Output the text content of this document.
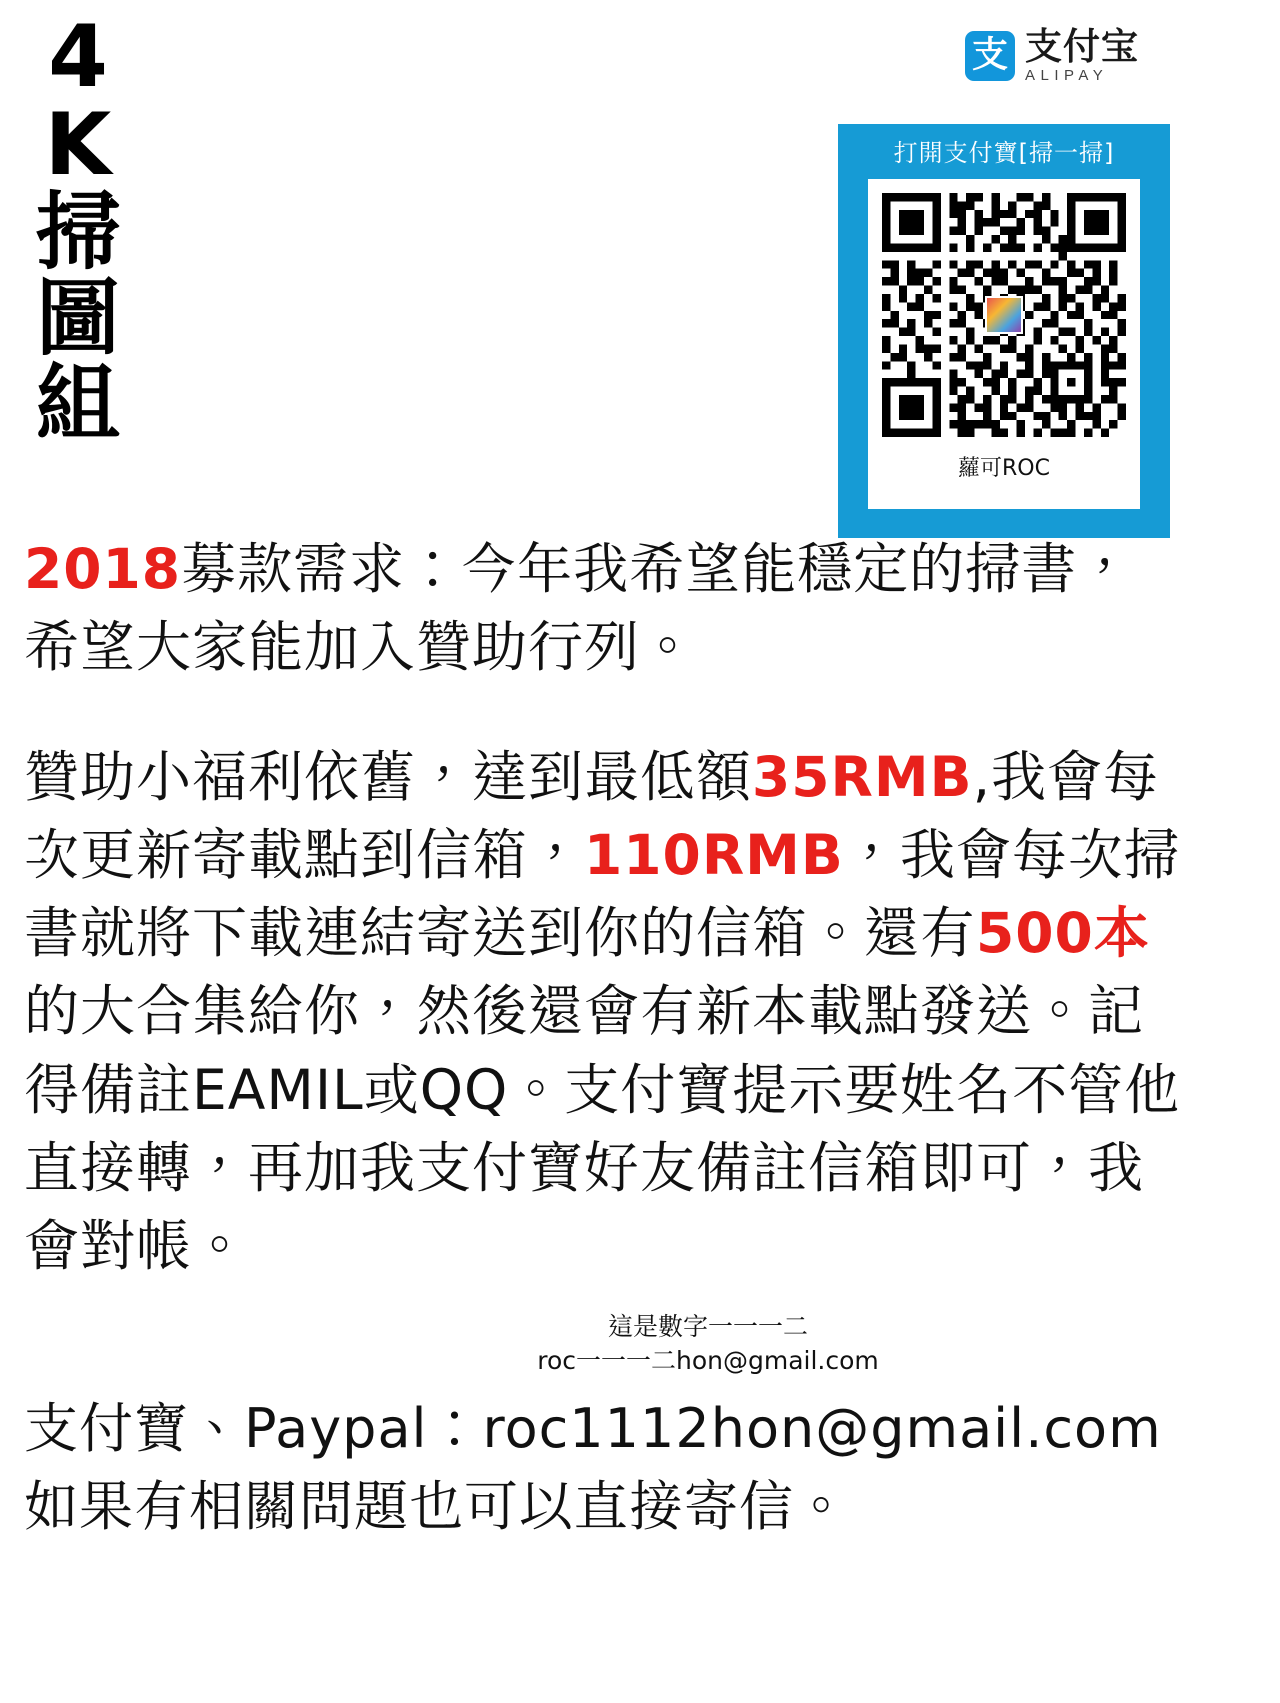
4
K
掃
圖
組
支 支付宝
ALIPAY
打開支付寶[掃一掃]
蘿可ROC

2018募款需求：今年我希望能穩定的掃書，希望大家能加入贊助行列。

贊助小福利依舊，達到最低額35RMB,我會每次更新寄載點到信箱，110RMB，我會每次掃書就將下載連結寄送到你的信箱。還有500本的大合集給你，然後還會有新本載點發送。記得備註EAMIL或QQ。支付寶提示要姓名不管他直接轉，再加我支付寶好友備註信箱即可，我會對帳。

這是數字一一一二
roc一一一二hon@gmail.com
支付寶、Paypal：roc1112hon@gmail.com
如果有相關問題也可以直接寄信。
